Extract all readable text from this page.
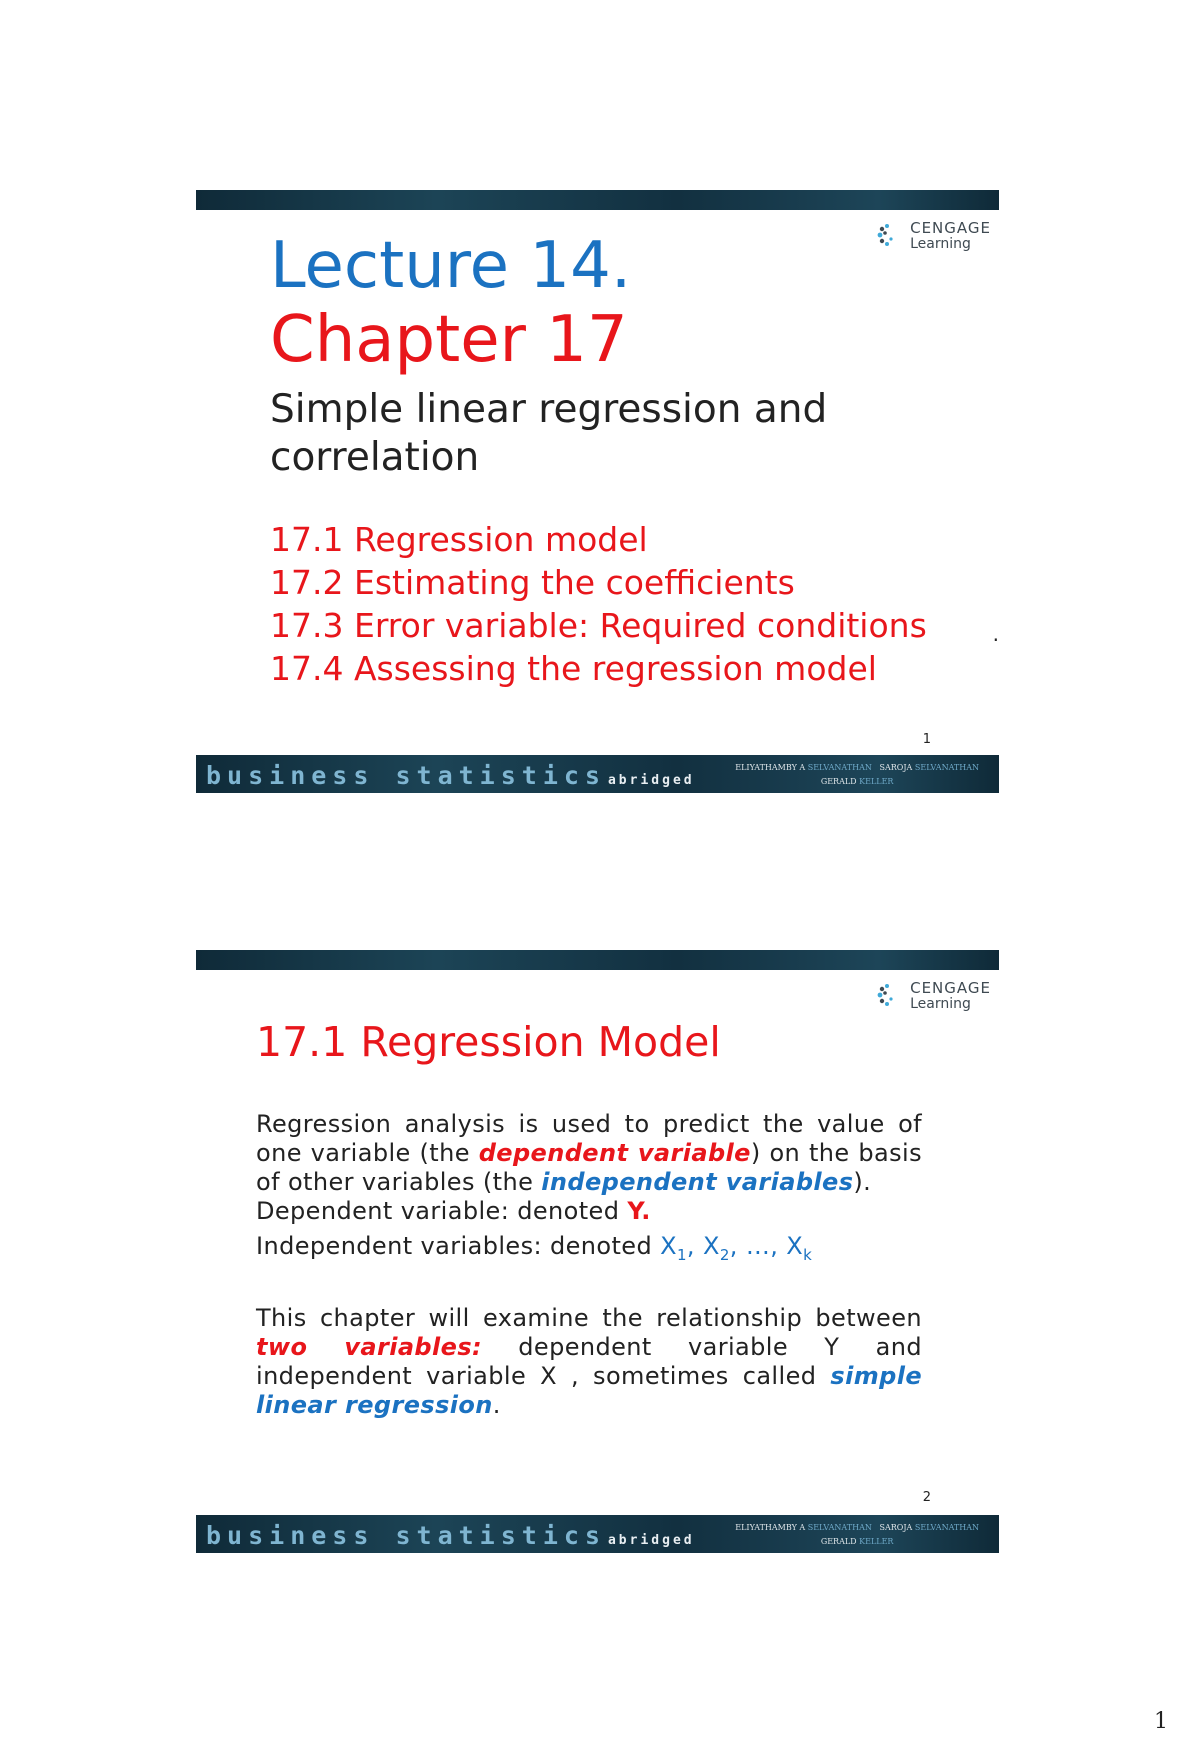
CENGAGE
Learning
Lecture 14.
Chapter 17
Simple linear regression and correlation
17.1 Regression model
17.2 Estimating the coefficients
17.3 Error variable: Required conditions
17.4 Assessing the regression model
.
1
business statistics abridged
ELIYATHAMBY A SELVANATHAN SAROJA SELVANATHAN
GERALD KELLER
CENGAGE
Learning
17.1 Regression Model

Regression analysis is used to predict the value of one variable (the dependent variable) on the basis of other variables (the independent variables).
Dependent variable: denoted Y.

Independent variables: denoted $X_1$, $X_2$, …, $X_k$

This chapter will examine the relationship between two variables: dependent variable Y and independent variable X , sometimes called simple linear regression.

2
business statistics abridged
ELIYATHAMBY A SELVANATHAN SAROJA SELVANATHAN
GERALD KELLER
1
